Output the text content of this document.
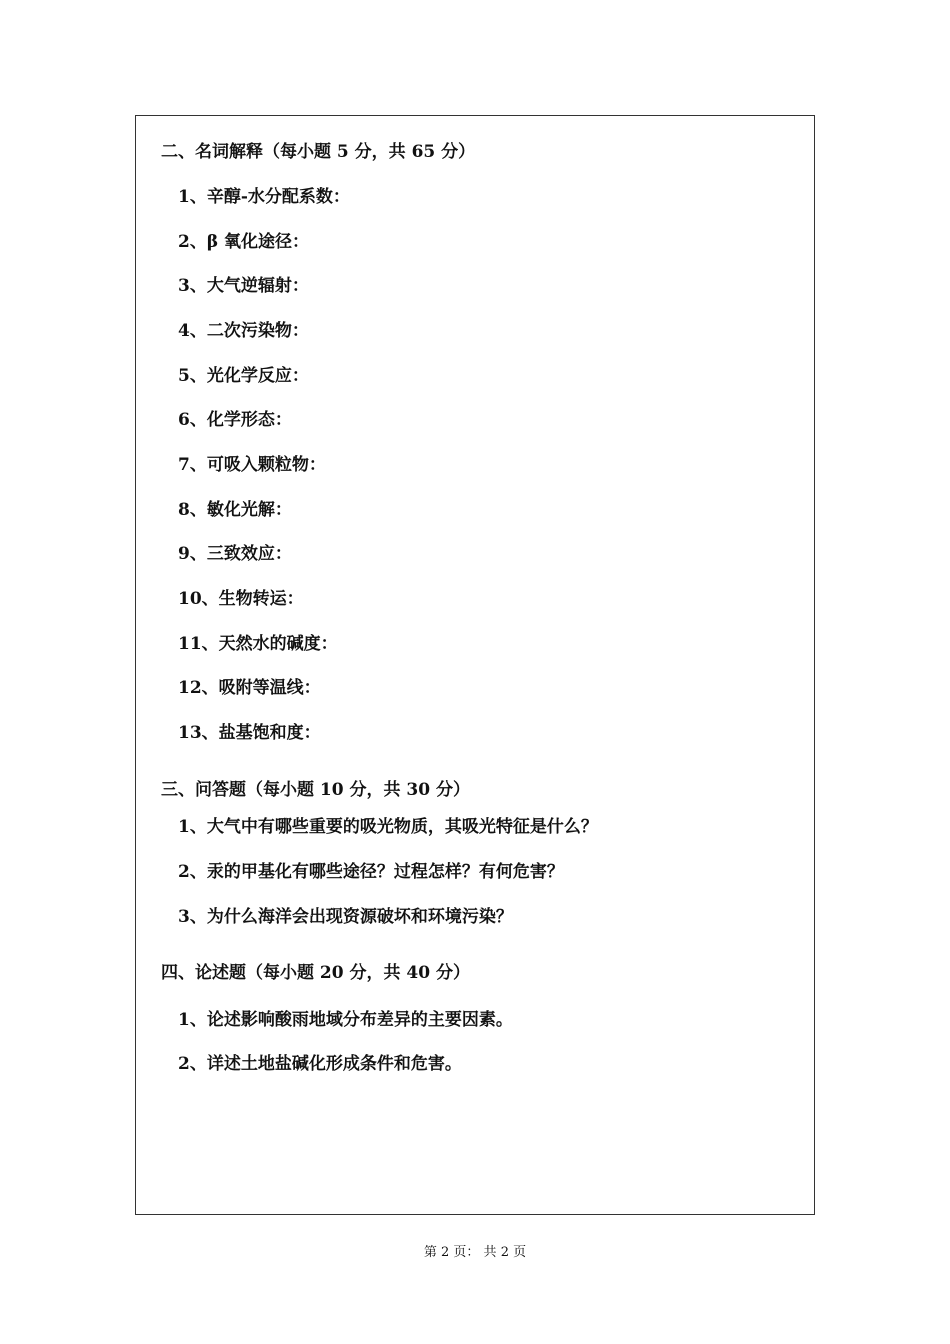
二、名词解释（每小题 5 分，共 65 分）
1、辛醇-水分配系数：
2、β 氧化途径：
3、大气逆辐射：
4、二次污染物：
5、光化学反应：
6、化学形态：
7、可吸入颗粒物：
8、敏化光解：
9、三致效应：
10、生物转运：
11、天然水的碱度：
12、吸附等温线：
13、盐基饱和度：
三、问答题（每小题 10 分，共 30 分）
1、大气中有哪些重要的吸光物质，其吸光特征是什么？
2、汞的甲基化有哪些途径？过程怎样？有何危害？
3、为什么海洋会出现资源破坏和环境污染？
四、论述题（每小题 20 分，共 40 分）
1、论述影响酸雨地域分布差异的主要因素。
2、详述土地盐碱化形成条件和危害。
第 2 页： 共 2 页
